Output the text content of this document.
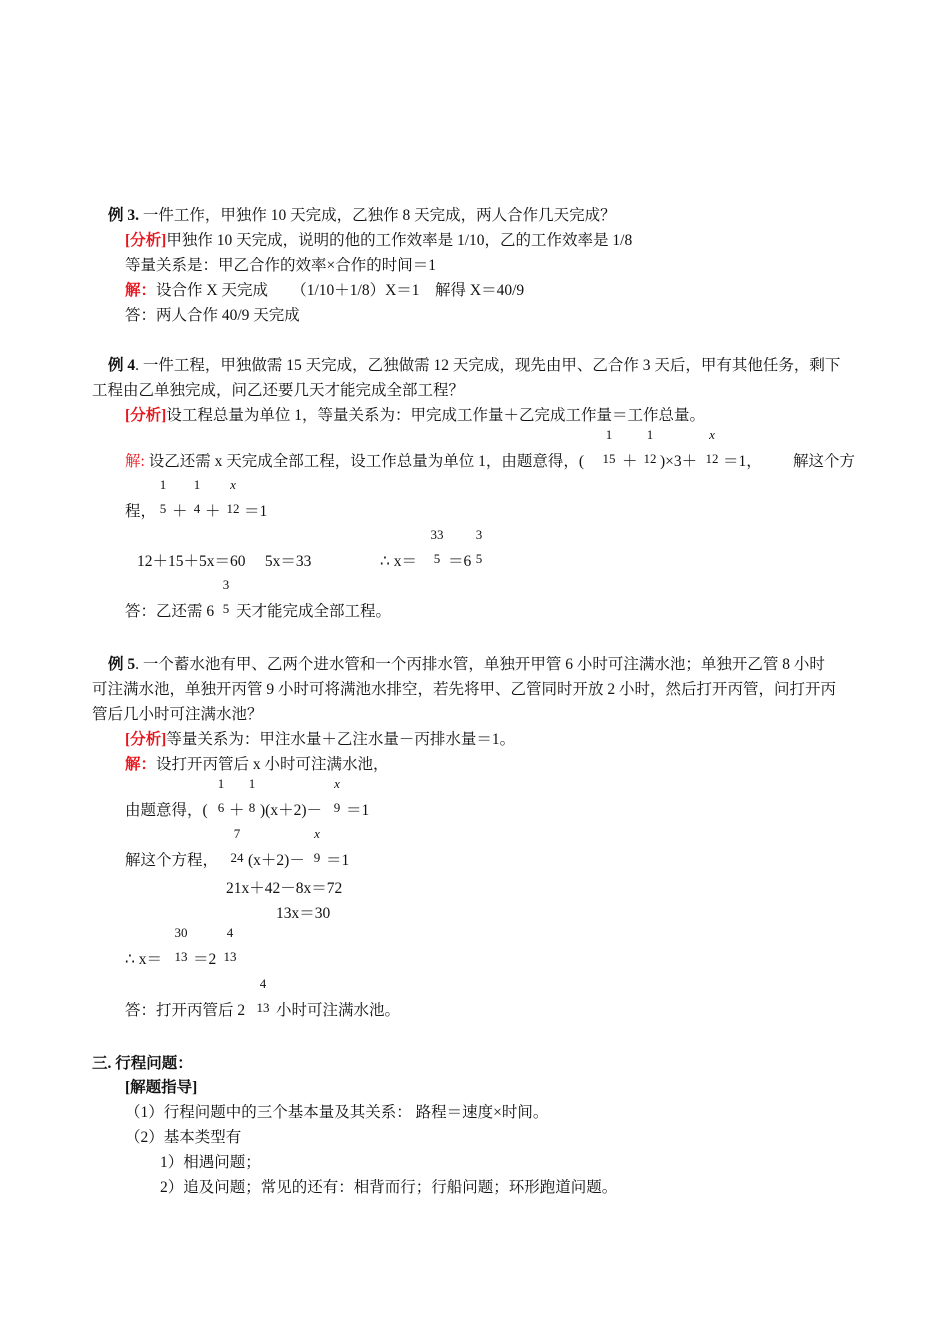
例 3. 一件工作，甲独作 10 天完成，乙独作 8 天完成，两人合作几天完成？
[分析]甲独作 10 天完成，说明的他的工作效率是 1/10，乙的工作效率是 1/8
等量关系是：甲乙合作的效率×合作的时间＝1
解：设合作 X 天完成　　（1/10＋1/8）X＝1　解得 X＝40/9
答：两人合作 40/9 天完成
例 4. 一件工程，甲独做需 15 天完成，乙独做需 12 天完成，现先由甲、乙合作 3 天后，甲有其他任务，剩下
工程由乙单独完成，问乙还要几天才能完成全部工程？
[分析]设工程总量为单位 1，等量关系为：甲完成工作量＋乙完成工作量＝工作总量。
解: 设乙还需 x 天完成全部工程，设工作总量为单位 1，由题意得，(
1
15 ＋
1
12 )×3＋
x
12 ＝1， 解这个方
程，
1
5 ＋
1
4 ＋
x
12 ＝1
12＋15＋5x＝60　 5x＝33	∴ x＝
33
5 ＝6
3
5
答：乙还需 6
3
5 天才能完成全部工程。
例 5. 一个蓄水池有甲、乙两个进水管和一个丙排水管，单独开甲管 6 小时可注满水池；单独开乙管 8 小时
可注满水池，单独开丙管 9 小时可将满池水排空，若先将甲、乙管同时开放 2 小时，然后打开丙管，问打开丙
管后几小时可注满水池？
[分析]等量关系为：甲注水量＋乙注水量－丙排水量＝1。
解：设打开丙管后 x 小时可注满水池，
由题意得，(
1
6 ＋
1
8 )(x＋2)－
x
9 ＝1
解这个方程，
7
24 (x＋2)－
x
9 ＝1
21x＋42－8x＝72
13x＝30
∴ x＝
30
13 ＝2
4
13
答：打开丙管后 2
4
13 小时可注满水池。
三. 行程问题：
[解题指导]
（1）行程问题中的三个基本量及其关系： 路程＝速度×时间。
（2）基本类型有
1）相遇问题；
2）追及问题；常见的还有：相背而行；行船问题；环形跑道问题。
